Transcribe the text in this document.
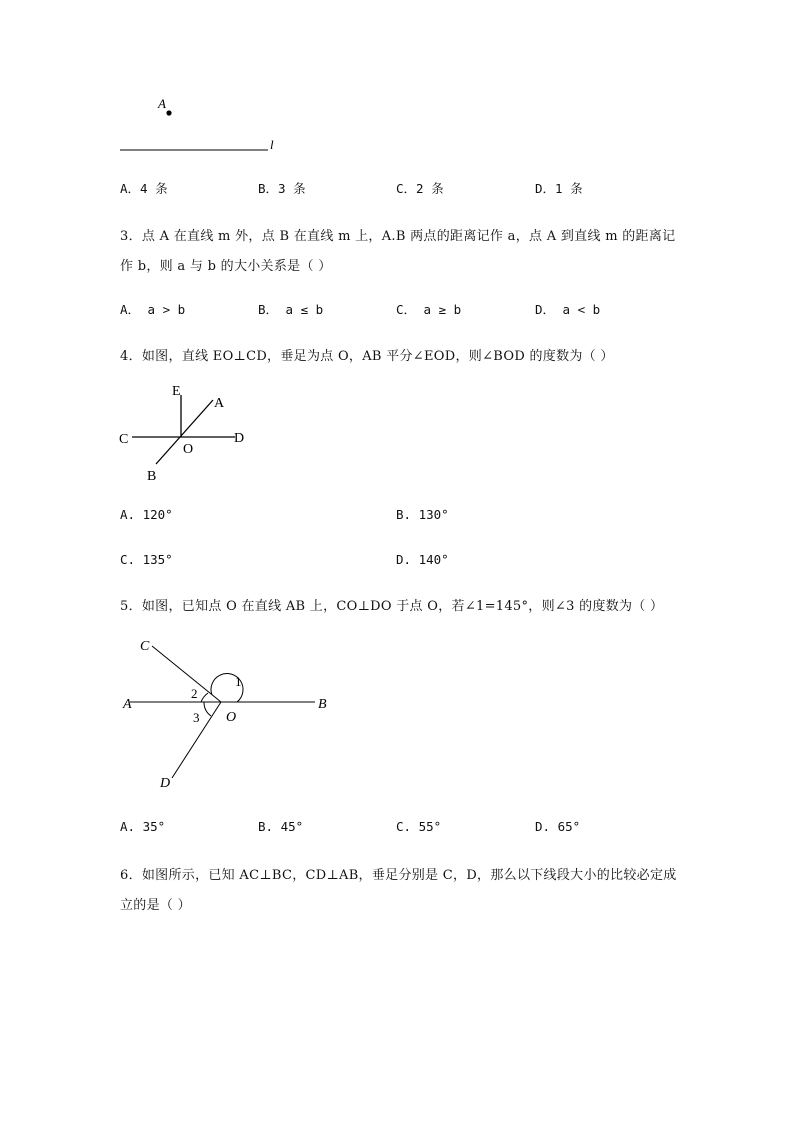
A
l
A．4 条	B．3 条	C．2 条	D．1 条
3．点 A 在直线 m 外，点 B 在直线 m 上，A.B 两点的距离记作 a，点 A 到直线 m 的距离记
作 b，则 a 与 b 的大小关系是（ ）
A． a > b	B． a ≤ b	C． a ≥ b	D． a < b
4．如图，直线 EO⊥CD，垂足为点 O，AB 平分∠EOD，则∠BOD 的度数为（ ）
E
A
C
O
D
B
A. 120°	B. 130°
C. 135°	D. 140°
5．如图，已知点 O 在直线 AB 上，CO⊥DO 于点 O，若∠1=145°，则∠3 的度数为（ ）
C
A
O
B
D
1
2
3
A. 35°	B. 45°	C. 55°	D. 65°
6．如图所示，已知 AC⊥BC，CD⊥AB，垂足分别是 C，D，那么以下线段大小的比较必定成
立的是（ ）
